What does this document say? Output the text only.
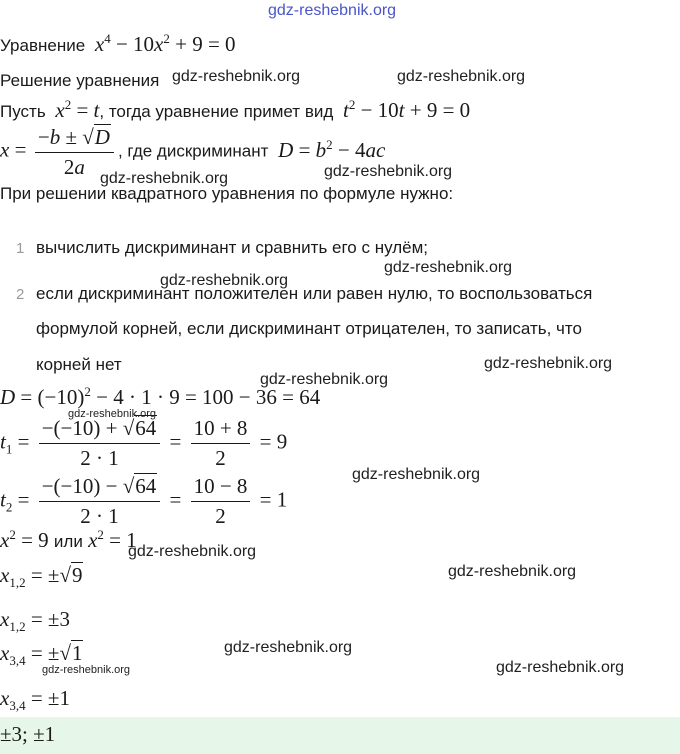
gdz-reshebnik.org
Уравнение $x^4 - 10x^2 + 9 = 0$
Решение уравнения gdz-reshebnik.org	gdz-reshebnik.org
Пусть $x^2 = t$, тогда уравнение примет вид $t^2 - 10t + 9 = 0$
$x = \frac{-b \pm √D}{2a}$ , где дискриминант $D = b^2 - 4ac$
gdz-reshebnik.org	gdz-reshebnik.org
При решении квадратного уравнения по формуле нужно:
1 вычислить дискриминант и сравнить его с нулём;
gdz-reshebnik.org
gdz-reshebnik.org
2 если дискриминант положителен или равен нулю, то воспользоваться
формулой корней, если дискриминант отрицателен, то записать, что
корней нет	gdz-reshebnik.org
gdz-reshebnik.org
$D = (-10)^2 - 4 \cdot 1 \cdot 9 = 100 - 36 = 64$
gdz-reshebnik.org
$t_1 = \frac{-(-10) + √64}{2 \cdot 1} = \frac{10 + 8}{2} = 9$
gdz-reshebnik.org
$t_2 = \frac{-(-10) - √64}{2 \cdot 1} = \frac{10 - 8}{2} = 1$
$x^2 = 9$ или $x^2 = 1$
gdz-reshebnik.org
$x_{1,2} = \pm√9$	gdz-reshebnik.org
$x_{1,2} = \pm 3$
gdz-reshebnik.org
$x_{3,4} = \pm√1$
gdz-reshebnik.org	gdz-reshebnik.org
$x_{3,4} = \pm 1$
±3; ±1
